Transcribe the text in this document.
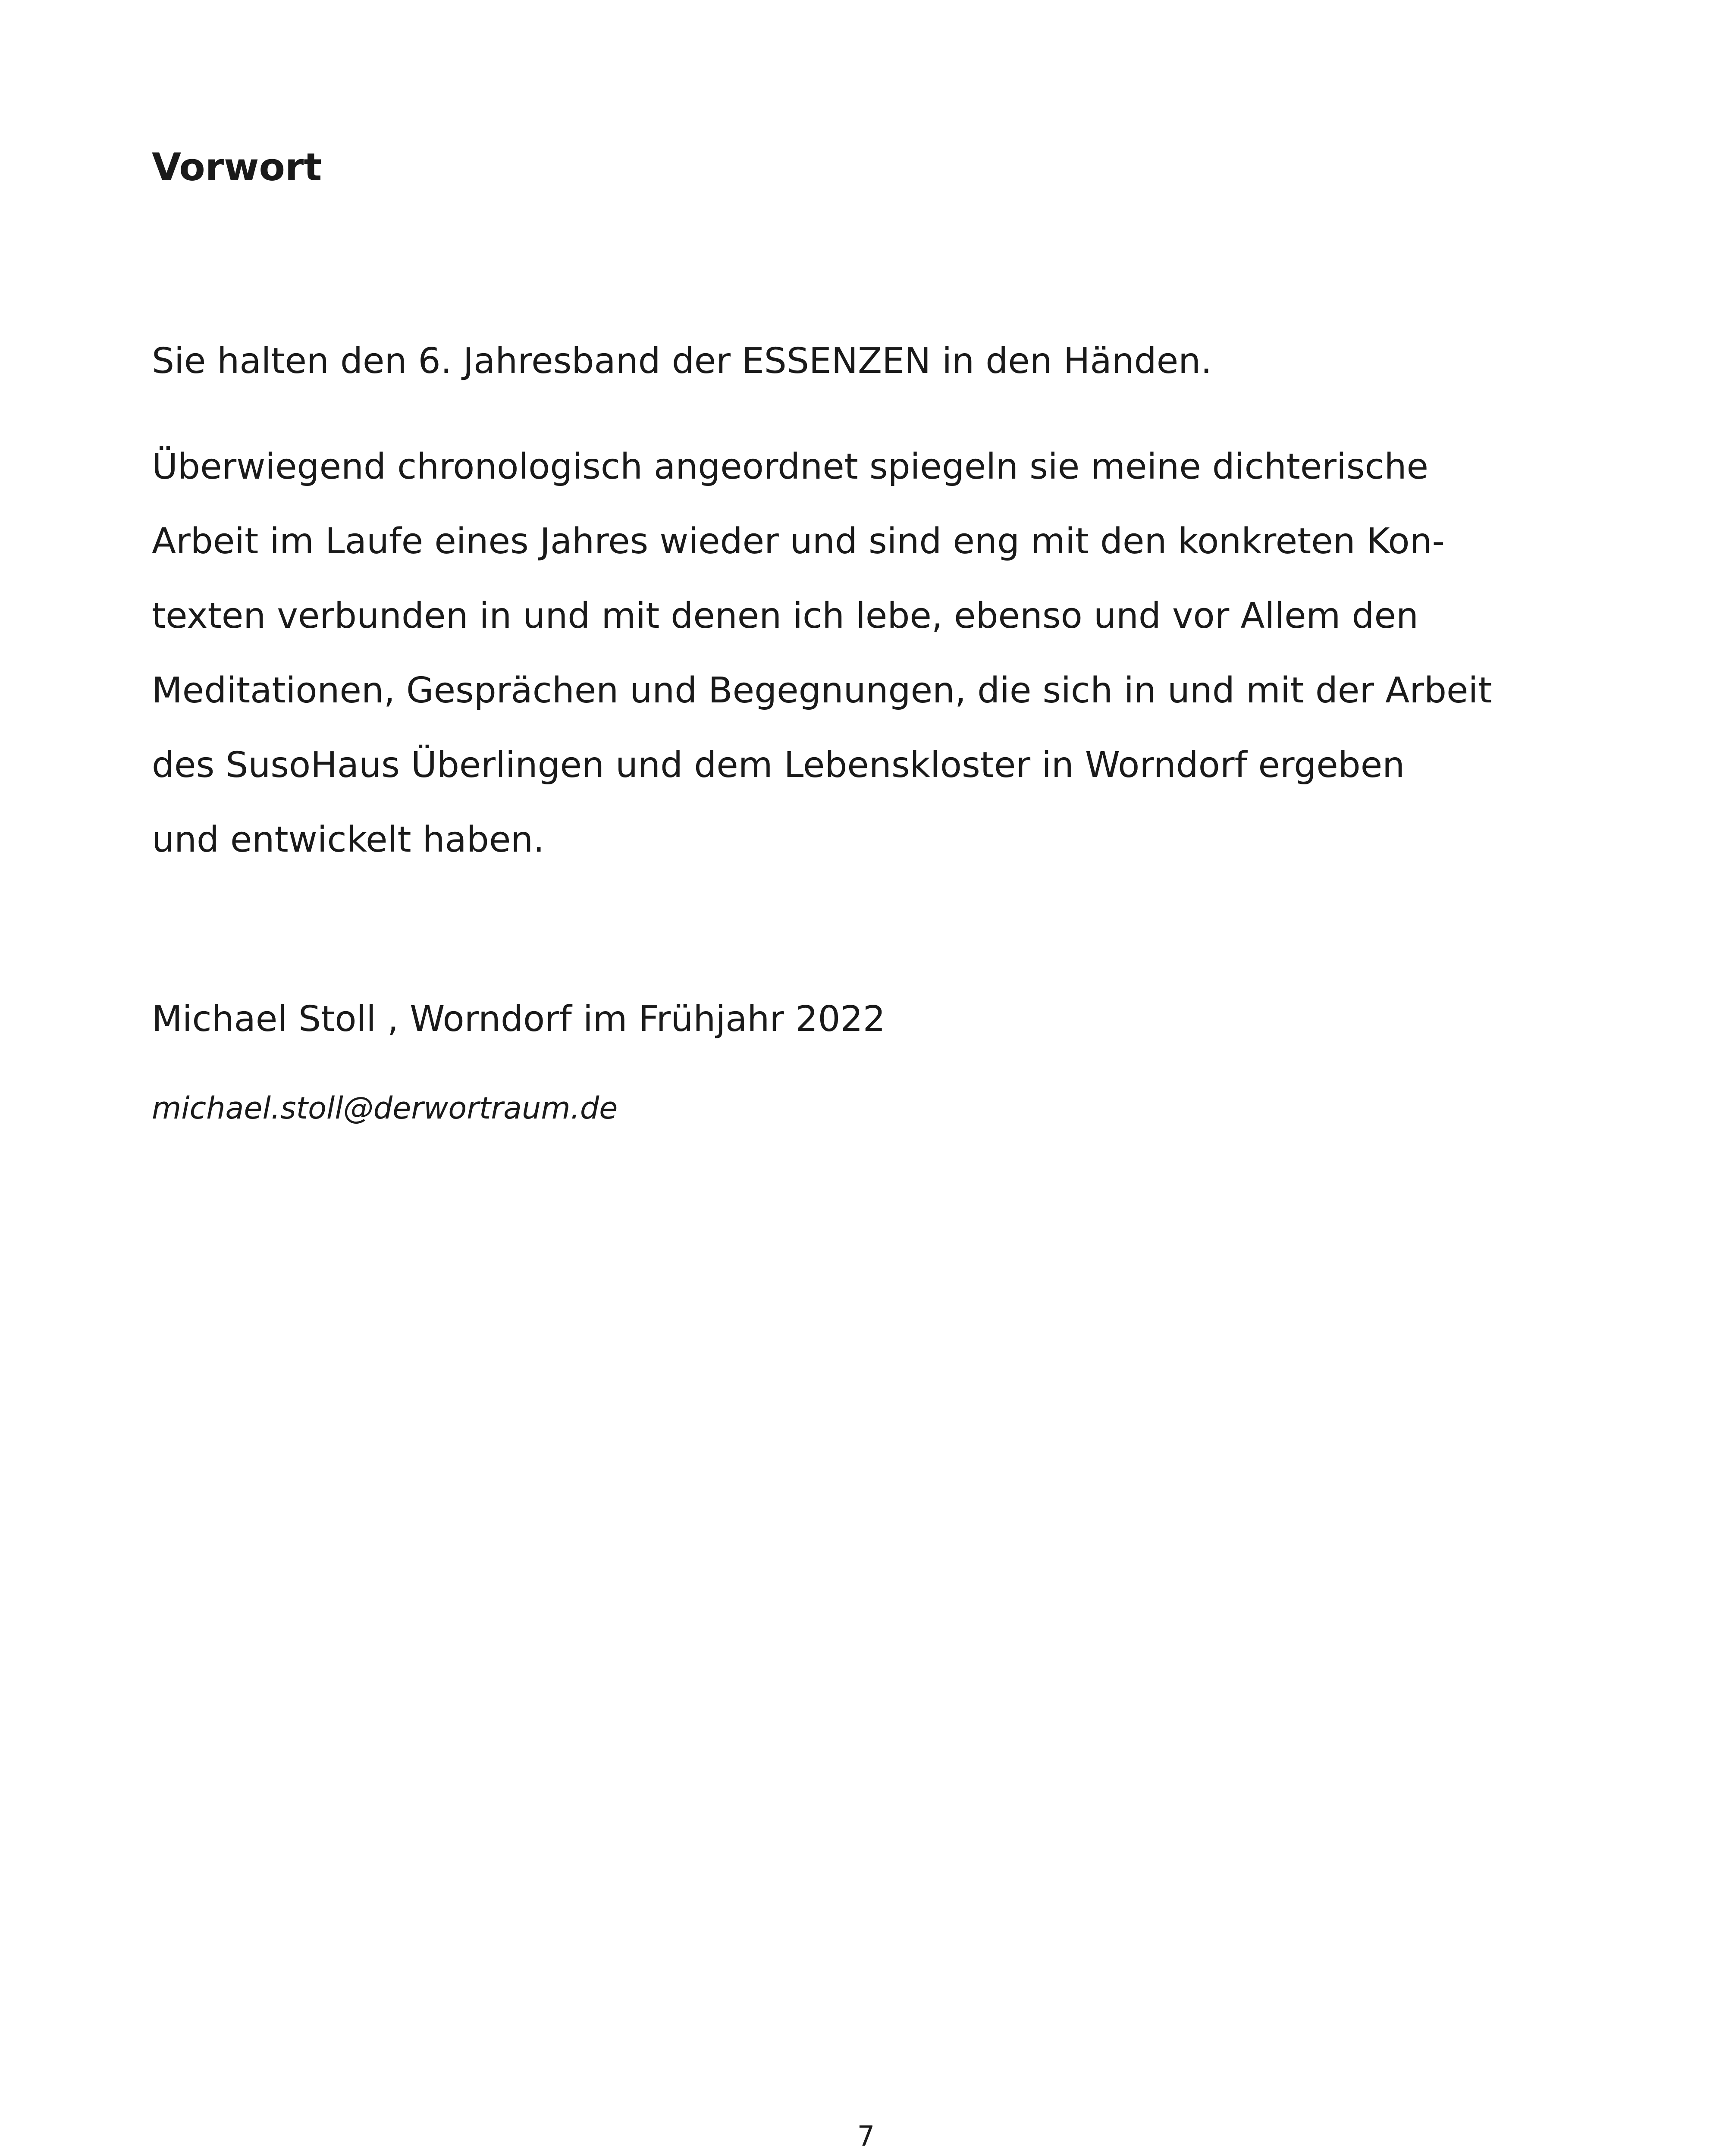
Vorwort

Sie halten den 6. Jahresband der ESSENZEN in den Händen.

Überwiegend chronologisch angeordnet spiegeln sie meine dichterische
Arbeit im Laufe eines Jahres wieder und sind eng mit den konkreten Kon-
texten verbunden in und mit denen ich lebe, ebenso und vor Allem den
Meditationen, Gesprächen und Begegnungen, die sich in und mit der Arbeit
des SusoHaus Überlingen und dem Lebenskloster in Worndorf ergeben
und entwickelt haben.

Michael Stoll , Worndorf im Frühjahr 2022

michael.stoll@derwortraum.de

7
